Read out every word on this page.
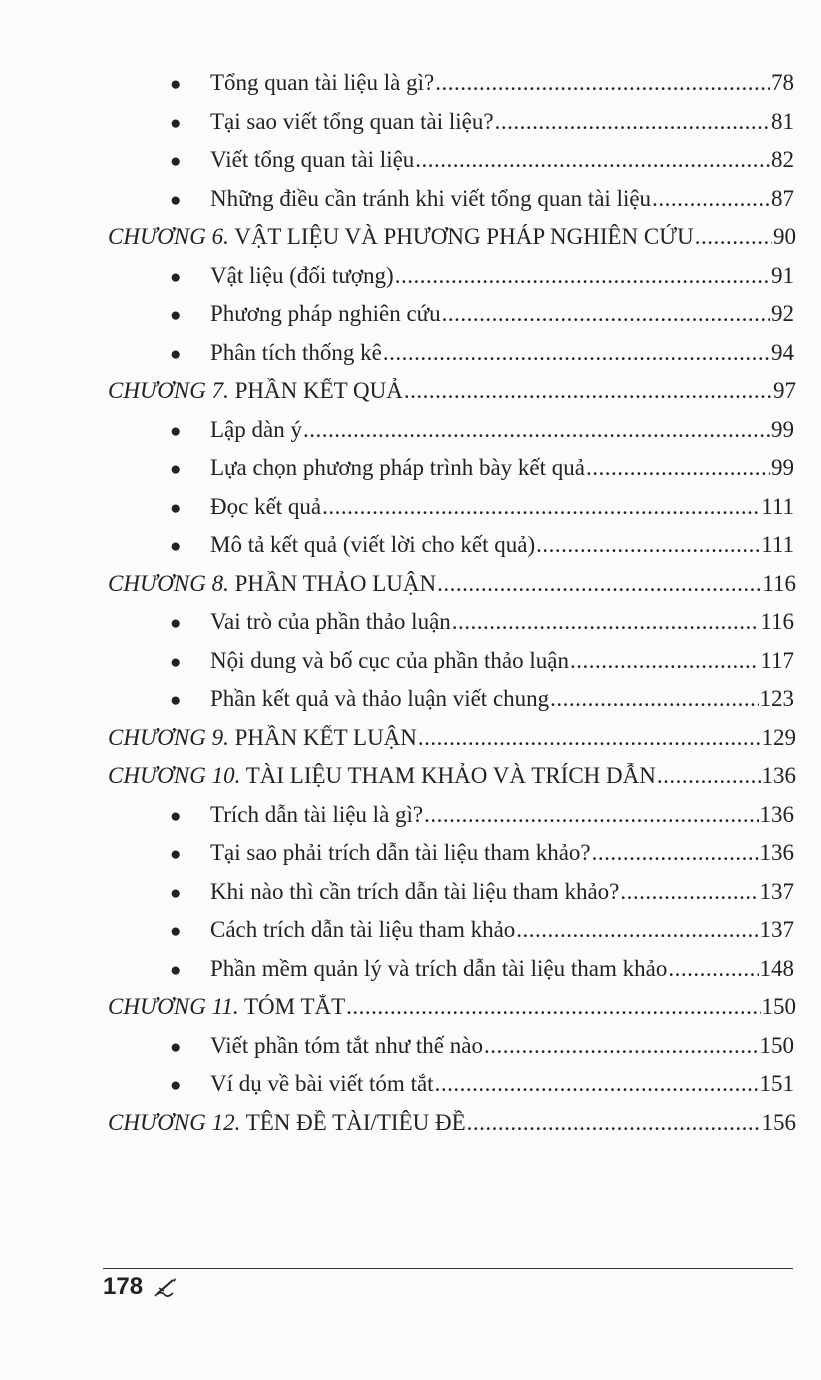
●	Tổng quan tài liệu là gì? .....	78
●	Tại sao viết tổng quan tài liệu? .....	81
●	Viết tổng quan tài liệu .....	82
●	Những điều cần tránh khi viết tổng quan tài liệu .....	87
CHƯƠNG 6. VẬT LIỆU VÀ PHƯƠNG PHÁP NGHIÊN CỨU .....	90
●	Vật liệu (đối tượng) .....	91
●	Phương pháp nghiên cứu .....	92
●	Phân tích thống kê .....	94
CHƯƠNG 7. PHẦN KẾT QUẢ .....	97
●	Lập dàn ý .....	99
●	Lựa chọn phương pháp trình bày kết quả .....	99
●	Đọc kết quả .....	111
●	Mô tả kết quả (viết lời cho kết quả) .....	111
CHƯƠNG 8. PHẦN THẢO LUẬN .....	116
●	Vai trò của phần thảo luận .....	116
●	Nội dung và bố cục của phần thảo luận .....	117
●	Phần kết quả và thảo luận viết chung .....	123
CHƯƠNG 9. PHẦN KẾT LUẬN .....	129
CHƯƠNG 10. TÀI LIỆU THAM KHẢO VÀ TRÍCH DẪN .....	136
●	Trích dẫn tài liệu là gì? .....	136
●	Tại sao phải trích dẫn tài liệu tham khảo? .....	136
●	Khi nào thì cần trích dẫn tài liệu tham khảo? .....	137
●	Cách trích dẫn tài liệu tham khảo .....	137
●	Phần mềm quản lý và trích dẫn tài liệu tham khảo .....	148
CHƯƠNG 11. TÓM TẮT .....	150
●	Viết phần tóm tắt như thế nào .....	150
●	Ví dụ về bài viết tóm tắt .....	151
CHƯƠNG 12. TÊN ĐỀ TÀI/TIÊU ĐỀ .....	156
178
